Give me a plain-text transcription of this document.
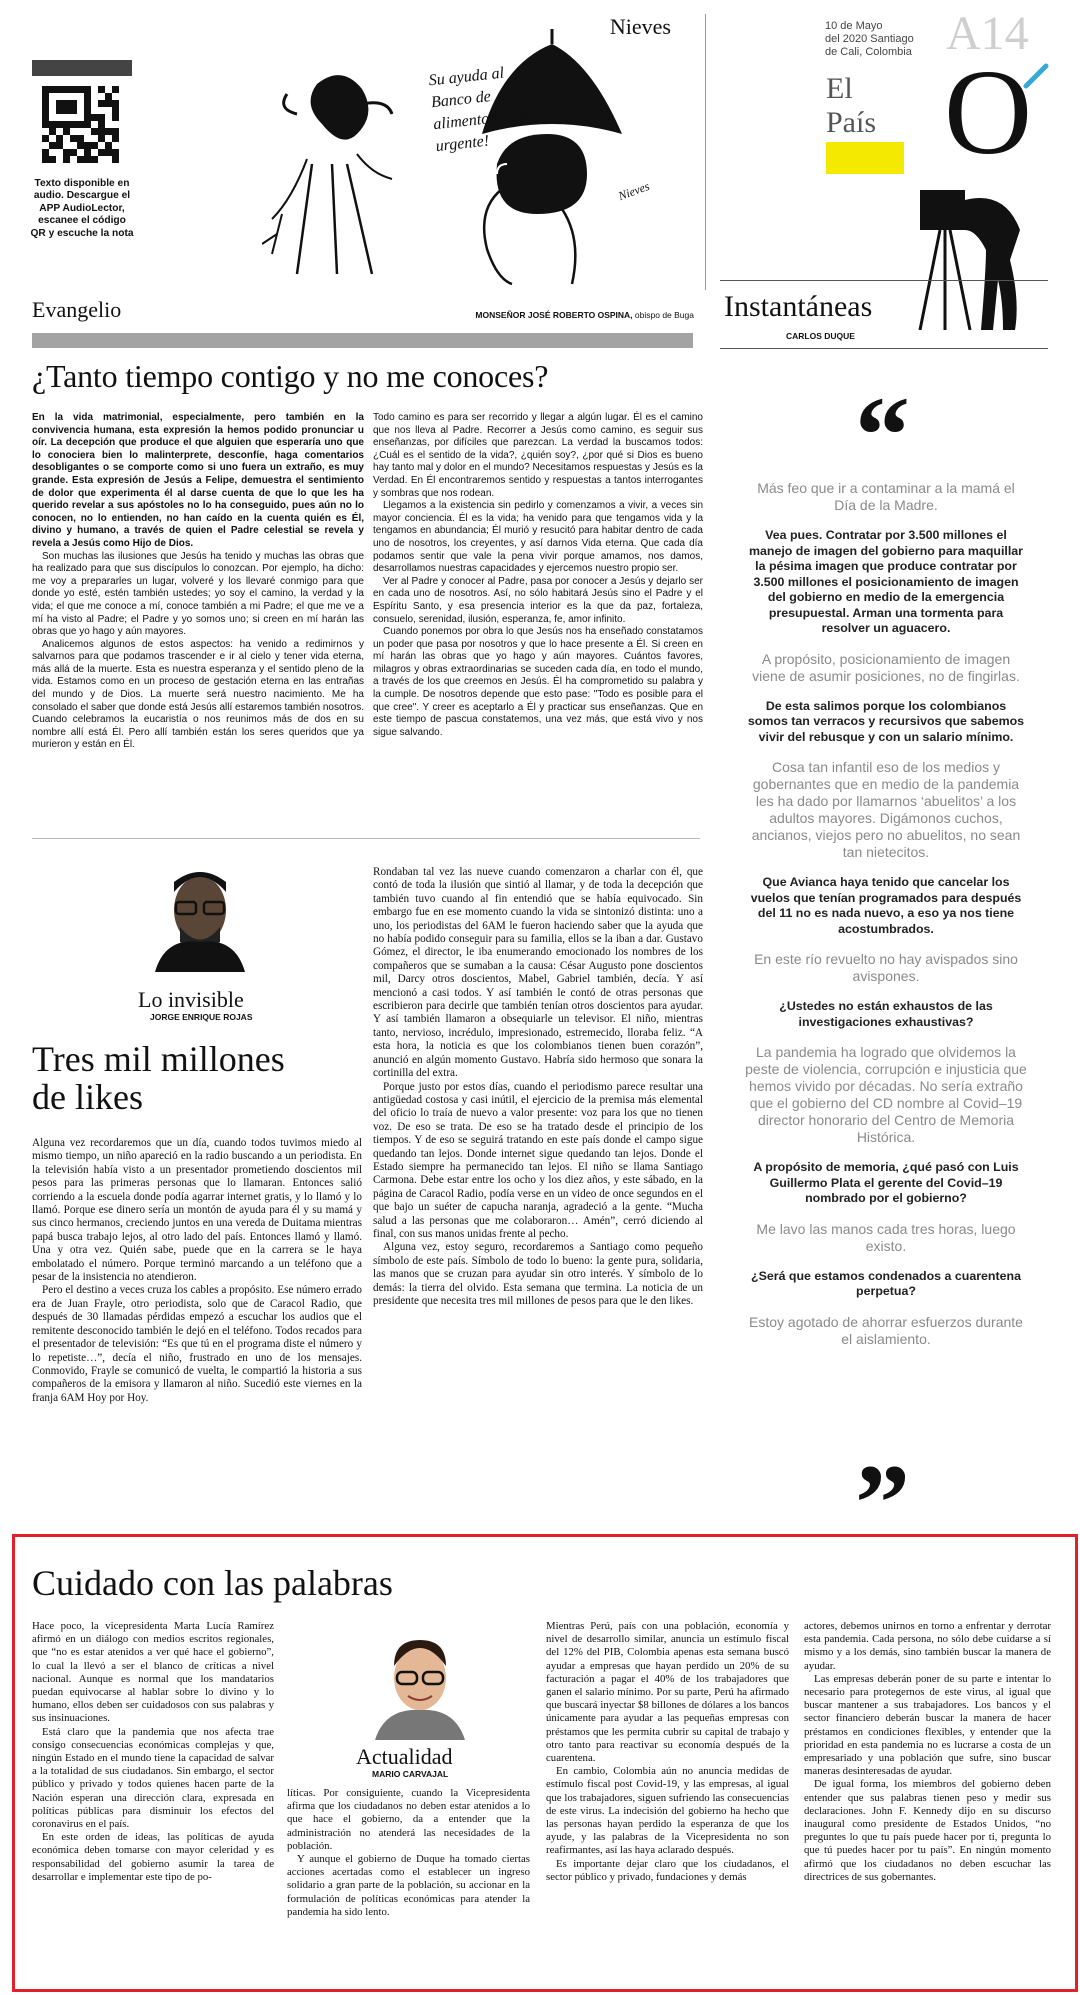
Texto disponible en audio. Descargue el APP AudioLector, escanee el código QR y escuche la nota
Nieves
Su ayuda al Banco de alimentos es muy urgente!
Nieves
10 de Mayo
del 2020 Santiago
de Cali, Colombia A14
El País O
Evangelio	MONSEÑOR JOSÉ ROBERTO OSPINA, obispo de Buga
¿Tanto tiempo contigo y no me conoces?

En la vida matrimonial, especialmente, pero también en la convivencia humana, esta expresión la hemos podido pronunciar u oír. La decepción que produce el que alguien que esperaría uno que lo conociera bien lo malinterprete, desconfíe, haga comentarios desobligantes o se comporte como si uno fuera un extraño, es muy grande. Esta expresión de Jesús a Felipe, demuestra el sentimiento de dolor que experimenta él al darse cuenta de que lo que les ha querido revelar a sus apóstoles no lo ha conseguido, pues aún no lo conocen, no lo entienden, no han caído en la cuenta quién es Él, divino y humano, a través de quien el Padre celestial se revela y revela a Jesús como Hijo de Dios.

Son muchas las ilusiones que Jesús ha tenido y muchas las obras que ha realizado para que sus discípulos lo conozcan. Por ejemplo, ha dicho: me voy a prepararles un lugar, volveré y los llevaré conmigo para que donde yo esté, estén también ustedes; yo soy el camino, la verdad y la vida; el que me conoce a mí, conoce también a mi Padre; el que me ve a mí ha visto al Padre; el Padre y yo somos uno; si creen en mí harán las obras que yo hago y aún mayores.

Analicemos algunos de estos aspectos: ha venido a redimirnos y salvarnos para que podamos trascender e ir al cielo y tener vida eterna, más allá de la muerte. Esta es nuestra esperanza y el sentido pleno de la vida. Estamos como en un proceso de gestación eterna en las entrañas del mundo y de Dios. La muerte será nuestro nacimiento. Me ha consolado el saber que donde está Jesús allí estaremos también nosotros. Cuando celebramos la eucaristía o nos reunimos más de dos en su nombre allí está Él. Pero allí también están los seres queridos que ya murieron y están en Él.

Todo camino es para ser recorrido y llegar a algún lugar. Él es el camino que nos lleva al Padre. Recorrer a Jesús como camino, es seguir sus enseñanzas, por difíciles que parezcan. La verdad la buscamos todos: ¿Cuál es el sentido de la vida?, ¿quién soy?, ¿por qué si Dios es bueno hay tanto mal y dolor en el mundo? Necesitamos respuestas y Jesús es la Verdad. En Él encontraremos sentido y respuestas a tantos interrogantes y sombras que nos rodean.

Llegamos a la existencia sin pedirlo y comenzamos a vivir, a veces sin mayor conciencia. Él es la vida; ha venido para que tengamos vida y la tengamos en abundancia; Él murió y resucitó para habitar dentro de cada uno de nosotros, los creyentes, y así darnos Vida eterna. Que cada día podamos sentir que vale la pena vivir porque amamos, nos damos, desarrollamos nuestras capacidades y ejercemos nuestro propio ser.

Ver al Padre y conocer al Padre, pasa por conocer a Jesús y dejarlo ser en cada uno de nosotros. Así, no sólo habitará Jesús sino el Padre y el Espíritu Santo, y esa presencia interior es la que da paz, fortaleza, consuelo, serenidad, ilusión, esperanza, fe, amor infinito.

Cuando ponemos por obra lo que Jesús nos ha enseñado constatamos un poder que pasa por nosotros y que lo hace presente a Él. Si creen en mí harán las obras que yo hago y aún mayores. Cuántos favores, milagros y obras extraordinarias se suceden cada día, en todo el mundo, a través de los que creemos en Jesús. Él ha comprometido su palabra y la cumple. De nosotros depende que esto pase: "Todo es posible para el que cree". Y creer es aceptarlo a Él y practicar sus enseñanzas. Que en este tiempo de pascua constatemos, una vez más, que está vivo y nos sigue salvando.

Instantáneas
CARLOS DUQUE
“
Más feo que ir a contaminar a la mamá el Día de la Madre.
Vea pues. Contratar por 3.500 millones el manejo de imagen del gobierno para maquillar la pésima imagen que produce contratar por 3.500 millones el posicionamiento de imagen del gobierno en medio de la emergencia presupuestal. Arman una tormenta para resolver un aguacero.
A propósito, posicionamiento de imagen viene de asumir posiciones, no de fingirlas.
De esta salimos porque los colombianos somos tan verracos y recursivos que sabemos vivir del rebusque y con un salario mínimo.
Cosa tan infantil eso de los medios y gobernantes que en medio de la pandemia les ha dado por llamarnos ‘abuelitos’ a los adultos mayores. Digámonos cuchos, ancianos, viejos pero no abuelitos, no sean tan nietecitos.
Que Avianca haya tenido que cancelar los vuelos que tenían programados para después del 11 no es nada nuevo, a eso ya nos tiene acostumbrados.
En este río revuelto no hay avispados sino avispones.
¿Ustedes no están exhaustos de las investigaciones exhaustivas?
La pandemia ha logrado que olvidemos la peste de violencia, corrupción e injusticia que hemos vivido por décadas. No sería extraño que el gobierno del CD nombre al Covid–19 director honorario del Centro de Memoria Histórica.
A propósito de memoria, ¿qué pasó con Luis Guillermo Plata el gerente del Covid–19 nombrado por el gobierno?
Me lavo las manos cada tres horas, luego existo.
¿Será que estamos condenados a cuarentena perpetua?
Estoy agotado de ahorrar esfuerzos durante el aislamiento.
”
Lo invisible
JORGE ENRIQUE ROJAS
Tres mil millones
de likes

Alguna vez recordaremos que un día, cuando todos tuvimos miedo al mismo tiempo, un niño apareció en la radio buscando a un periodista. En la televisión había visto a un presentador prometiendo doscientos mil pesos para las primeras personas que lo llamaran. Entonces salió corriendo a la escuela donde podía agarrar internet gratis, y lo llamó y lo llamó. Porque ese dinero sería un montón de ayuda para él y su mamá y sus cinco hermanos, creciendo juntos en una vereda de Duitama mientras papá busca trabajo lejos, al otro lado del país. Entonces llamó y llamó. Una y otra vez. Quién sabe, puede que en la carrera se le haya embolatado el número. Porque terminó marcando a un teléfono que a pesar de la insistencia no atendieron.

Pero el destino a veces cruza los cables a propósito. Ese número errado era de Juan Frayle, otro periodista, solo que de Caracol Radio, que después de 30 llamadas pérdidas empezó a escuchar los audios que el remitente desconocido también le dejó en el teléfono. Todos recados para el presentador de televisión: “Es que tú en el programa diste el número y lo repetiste…”, decía el niño, frustrado en uno de los mensajes. Conmovido, Frayle se comunicó de vuelta, le compartió la historia a sus compañeros de la emisora y llamaron al niño. Sucedió este viernes en la franja 6AM Hoy por Hoy.

Rondaban tal vez las nueve cuando comenzaron a charlar con él, que contó de toda la ilusión que sintió al llamar, y de toda la decepción que también tuvo cuando al fin entendió que se había equivocado. Sin embargo fue en ese momento cuando la vida se sintonizó distinta: uno a uno, los periodistas del 6AM le fueron haciendo saber que la ayuda que no había podido conseguir para su familia, ellos se la iban a dar. Gustavo Gómez, el director, le iba enumerando emocionado los nombres de los compañeros que se sumaban a la causa: César Augusto pone doscientos mil, Darcy otros doscientos, Mabel, Gabriel también, decía. Y así mencionó a casi todos. Y así también le contó de otras personas que escribieron para decirle que también tenían otros doscientos para ayudar. Y así también llamaron a obsequiarle un televisor. El niño, mientras tanto, nervioso, incrédulo, impresionado, estremecido, lloraba feliz. “A esta hora, la noticia es que los colombianos tienen buen corazón”, anunció en algún momento Gustavo. Habría sido hermoso que sonara la cortinilla del extra.

Porque justo por estos días, cuando el periodismo parece resultar una antigüedad costosa y casi inútil, el ejercicio de la premisa más elemental del oficio lo traía de nuevo a valor presente: voz para los que no tienen voz. De eso se trata. De eso se ha tratado desde el principio de los tiempos. Y de eso se seguirá tratando en este país donde el campo sigue quedando tan lejos. Donde internet sigue quedando tan lejos. Donde el Estado siempre ha permanecido tan lejos. El niño se llama Santiago Carmona. Debe estar entre los ocho y los diez años, y este sábado, en la página de Caracol Radio, podía verse en un video de once segundos en el que bajo un suéter de capucha naranja, agradeció a la gente. “Mucha salud a las personas que me colaboraron… Amén”, cerró diciendo al final, con sus manos unidas frente al pecho.

Alguna vez, estoy seguro, recordaremos a Santiago como pequeño símbolo de este país. Símbolo de todo lo bueno: la gente pura, solidaria, las manos que se cruzan para ayudar sin otro interés. Y símbolo de lo demás: la tierra del olvido. Esta semana que termina. La noticia de un presidente que necesita tres mil millones de pesos para que le den likes.

Cuidado con las palabras

Hace poco, la vicepresidenta Marta Lucía Ramírez afirmó en un diálogo con medios escritos regionales, que “no es estar atenidos a ver qué hace el gobierno”, lo cual la llevó a ser el blanco de críticas a nivel nacional. Aunque es normal que los mandatarios puedan equivocarse al hablar sobre lo divino y lo humano, ellos deben ser cuidadosos con sus palabras y sus insinuaciones.

Está claro que la pandemia que nos afecta trae consigo consecuencias económicas complejas y que, ningún Estado en el mundo tiene la capacidad de salvar a la totalidad de sus ciudadanos. Sin embargo, el sector público y privado y todos quienes hacen parte de la Nación esperan una dirección clara, expresada en políticas públicas para disminuir los efectos del coronavirus en el país.

En este orden de ideas, las políticas de ayuda económica deben tomarse con mayor celeridad y es responsabilidad del gobierno asumir la tarea de desarrollar e implementar este tipo de po-

Actualidad
MARIO CARVAJAL

líticas. Por consiguiente, cuando la Vicepresidenta afirma que los ciudadanos no deben estar atenidos a lo que hace el gobierno, da a entender que la administración no atenderá las necesidades de la población.

Y aunque el gobierno de Duque ha tomado ciertas acciones acertadas como el establecer un ingreso solidario a gran parte de la población, su accionar en la formulación de políticas económicas para atender la pandemia ha sido lento.

Mientras Perú, país con una población, economía y nivel de desarrollo similar, anuncia un estímulo fiscal del 12% del PIB, Colombia apenas esta semana buscó ayudar a empresas que hayan perdido un 20% de su facturación a pagar el 40% de los trabajadores que ganen el salario mínimo. Por su parte, Perú ha afirmado que buscará inyectar $8 billones de dólares a los bancos únicamente para ayudar a las pequeñas empresas con préstamos que les permita cubrir su capital de trabajo y otro tanto para reactivar su economía después de la cuarentena.

En cambio, Colombia aún no anuncia medidas de estímulo fiscal post Covid-19, y las empresas, al igual que los trabajadores, siguen sufriendo las consecuencias de este virus. La indecisión del gobierno ha hecho que las personas hayan perdido la esperanza de que los ayude, y las palabras de la Vicepresidenta no son reafirmantes, así las haya aclarado después.

Es importante dejar claro que los ciudadanos, el sector público y privado, fundaciones y demás

actores, debemos unirnos en torno a enfrentar y derrotar esta pandemia. Cada persona, no sólo debe cuidarse a sí mismo y a los demás, sino también buscar la manera de ayudar.

Las empresas deberán poner de su parte e intentar lo necesario para protegernos de este virus, al igual que buscar mantener a sus trabajadores. Los bancos y el sector financiero deberán buscar la manera de hacer préstamos en condiciones flexibles, y entender que la prioridad en esta pandemia no es lucrarse a costa de un empresariado y una población que sufre, sino buscar maneras desinteresadas de ayudar.

De igual forma, los miembros del gobierno deben entender que sus palabras tienen peso y medir sus declaraciones. John F. Kennedy dijo en su discurso inaugural como presidente de Estados Unidos, “no preguntes lo que tu país puede hacer por ti, pregunta lo que tú puedes hacer por tu país”. En ningún momento afirmó que los ciudadanos no deben escuchar las directrices de sus gobernantes.
